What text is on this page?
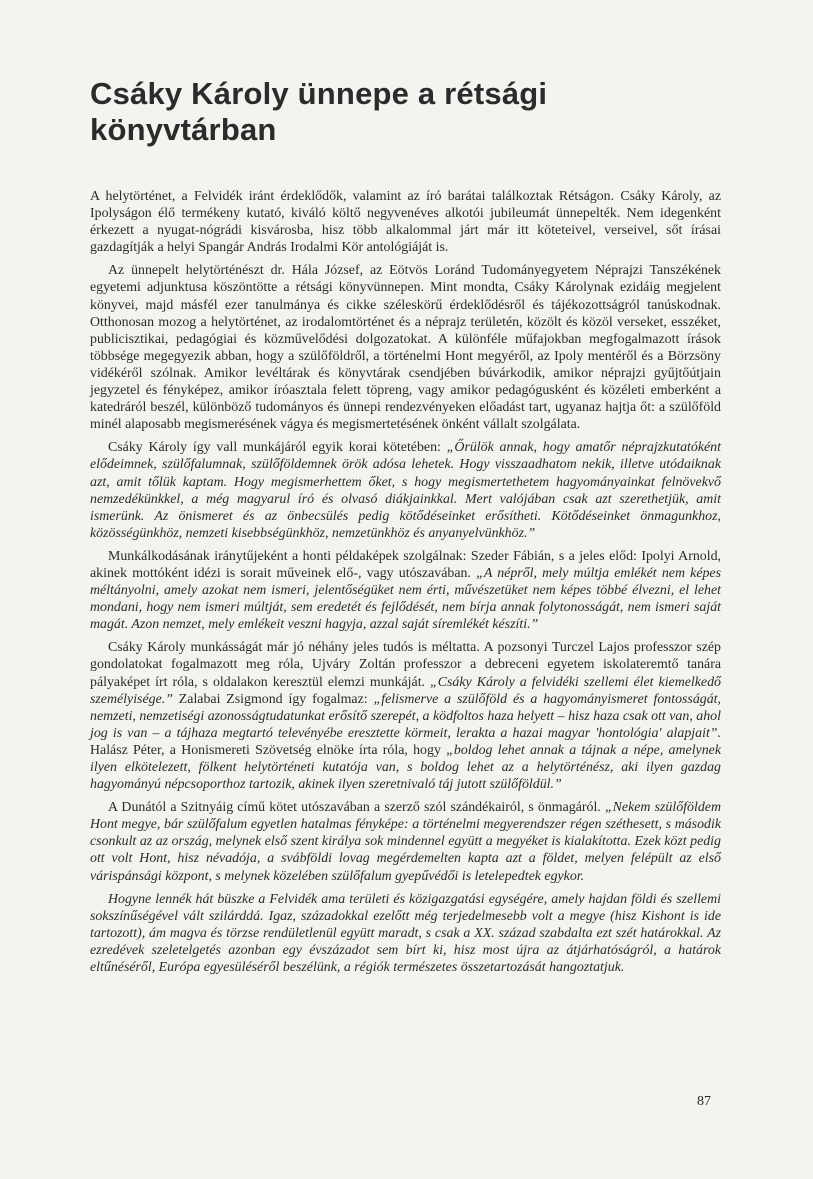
Csáky Károly ünnepe a rétsági könyvtárban

A helytörténet, a Felvidék iránt érdeklődők, valamint az író barátai találkoztak Rétságon. Csáky Károly, az Ipolyságon élő termékeny kutató, kiváló költő negyvenéves alkotói jubileumát ünnepelték. Nem idegenként érkezett a nyugat-nógrádi kisvárosba, hisz több alkalommal járt már itt köteteivel, verseivel, sőt írásai gazdagítják a helyi Spangár András Irodalmi Kör antológiáját is.

Az ünnepelt helytörténészt dr. Hála József, az Eötvös Loránd Tudományegyetem Néprajzi Tanszékének egyetemi adjunktusa köszöntötte a rétsági könyvünnepen. Mint mondta, Csáky Károlynak ezidáig megjelent könyvei, majd másfél ezer tanulmánya és cikke széleskörű érdeklődésről és tájékozottságról tanúskodnak. Otthonosan mozog a helytörténet, az irodalomtörténet és a néprajz területén, közölt és közöl verseket, esszéket, publicisztikai, pedagógiai és közművelődési dolgozatokat. A különféle műfajokban megfogalmazott írások többsége megegyezik abban, hogy a szülőföldről, a történelmi Hont megyéről, az Ipoly mentéről és a Börzsöny vidékéről szólnak. Amikor levéltárak és könyvtárak csendjében búvárkodik, amikor néprajzi gyűjtőútjain jegyzetel és fényképez, amikor íróasztala felett töpreng, vagy amikor pedagógusként és közéleti emberként a katedráról beszél, különböző tudományos és ünnepi rendezvényeken előadást tart, ugyanaz hajtja őt: a szülőföld minél alaposabb megismerésének vágya és megismertetésének önként vállalt szolgálata.

Csáky Károly így vall munkájáról egyik korai kötetében: „Őrülök annak, hogy amatőr néprajzkutatóként elődeimnek, szülőfalumnak, szülőföldemnek örök adósa lehetek. Hogy visszaadhatom nekik, illetve utódaiknak azt, amit tőlük kaptam. Hogy megismerhettem őket, s hogy megismertethetem hagyományainkat felnövekvő nemzedékünkkel, a még magyarul író és olvasó diákjainkkal. Mert valójában csak azt szerethetjük, amit ismerünk. Az önismeret és az önbecsülés pedig kötődéseinket erősítheti. Kötődéseinket önmagunkhoz, közösségünkhöz, nemzeti kisebbségünkhöz, nemzetünkhöz és anyanyelvünkhöz.”

Munkálkodásának iránytűjeként a honti példaképek szolgálnak: Szeder Fábián, s a jeles előd: Ipolyi Arnold, akinek mottóként idézi is sorait műveinek elő-, vagy utószavában. „A népről, mely múltja emlékét nem képes méltányolni, amely azokat nem ismeri, jelentőségüket nem érti, művészetüket nem képes többé élvezni, el lehet mondani, hogy nem ismeri múltját, sem eredetét és fejlődését, nem bírja annak folytonosságát, nem ismeri saját magát. Azon nemzet, mely emlékeit veszni hagyja, azzal saját síremlékét készíti.”

Csáky Károly munkásságát már jó néhány jeles tudós is méltatta. A pozsonyi Turczel Lajos professzor szép gondolatokat fogalmazott meg róla, Ujváry Zoltán professzor a debreceni egyetem iskolateremtő tanára pályaképet írt róla, s oldalakon keresztül elemzi munkáját. „Csáky Károly a felvidéki szellemi élet kiemelkedő személyisége.” Zalabai Zsigmond így fogalmaz: „felismerve a szülőföld és a hagyományismeret fontosságát, nemzeti, nemzetiségi azonosságtudatunkat erősítő szerepét, a ködfoltos haza helyett – hisz haza csak ott van, ahol jog is van – a tájhaza megtartó televényébe eresztette körmeit, lerakta a hazai magyar 'hontológia' alapjait”. Halász Péter, a Honismereti Szövetség elnöke írta róla, hogy „boldog lehet annak a tájnak a népe, amelynek ilyen elkötelezett, fölkent helytörténeti kutatója van, s boldog lehet az a helytörténész, aki ilyen gazdag hagyományú népcsoporthoz tartozik, akinek ilyen szeretnivaló táj jutott szülőföldül.”

A Dunától a Szitnyáig című kötet utószavában a szerző szól szándékairól, s önmagáról. „Nekem szülőföldem Hont megye, bár szülőfalum egyetlen hatalmas fényképe: a történelmi megyerendszer régen széthesett, s második csonkult az az ország, melynek első szent királya sok mindennel együtt a megyéket is kialakította. Ezek közt pedig ott volt Hont, hisz névadója, a svábföldi lovag megérdemelten kapta azt a földet, melyen felépült az első várispánsági központ, s melynek közelében szülőfalum gyepűvédői is letelepedtek egykor.

Hogyne lennék hát büszke a Felvidék ama területi és közigazgatási egységére, amely hajdan földi és szellemi sokszínűségével vált szilárddá. Igaz, századokkal ezelőtt még terjedelmesebb volt a megye (hisz Kishont is ide tartozott), ám magva és törzse rendületlenül együtt maradt, s csak a XX. század szabdalta ezt szét határokkal. Az ezredévek szeletelgetés azonban egy évszázadot sem bírt ki, hisz most újra az átjárhatóságról, a határok eltűnéséről, Európa egyesüléséről beszélünk, a régiók természetes összetartozását hangoztatjuk.

87
